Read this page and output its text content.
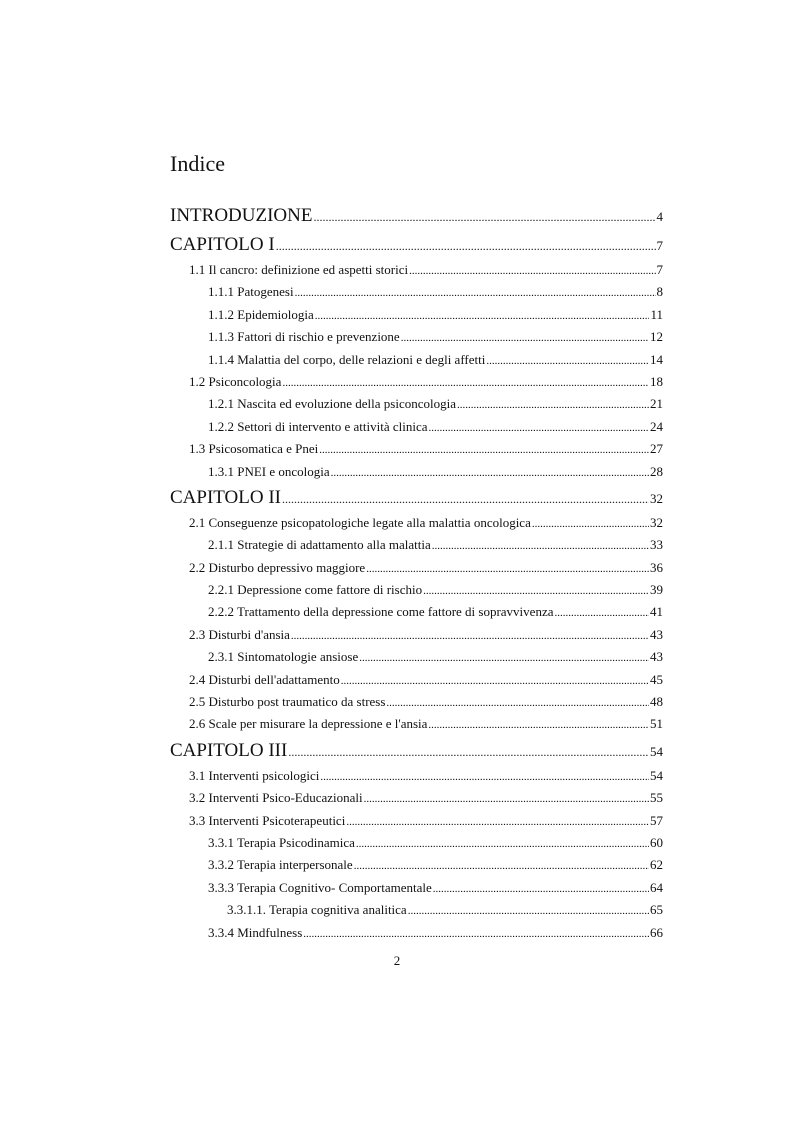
Indice
INTRODUZIONE .....	4
CAPITOLO I .....	7
1.1 Il cancro: definizione ed aspetti storici .....	7
1.1.1 Patogenesi .....	8
1.1.2 Epidemiologia .....	11
1.1.3 Fattori di rischio e prevenzione .....	12
1.1.4 Malattia del corpo, delle relazioni e degli affetti .....	14
1.2 Psiconcologia .....	18
1.2.1 Nascita ed evoluzione della psiconcologia .....	21
1.2.2 Settori di intervento e attività clinica .....	24
1.3 Psicosomatica e Pnei .....	27
1.3.1 PNEI e oncologia .....	28
CAPITOLO II .....	32
2.1 Conseguenze psicopatologiche legate alla malattia oncologica .....	32
2.1.1 Strategie di adattamento alla malattia .....	33
2.2 Disturbo depressivo maggiore .....	36
2.2.1 Depressione come fattore di rischio .....	39
2.2.2 Trattamento della depressione come fattore di sopravvivenza .....	41
2.3 Disturbi d'ansia .....	43
2.3.1 Sintomatologie ansiose .....	43
2.4 Disturbi dell'adattamento .....	45
2.5 Disturbo post traumatico da stress .....	48
2.6 Scale per misurare la depressione e l'ansia .....	51
CAPITOLO III .....	54
3.1 Interventi psicologici .....	54
3.2 Interventi Psico-Educazionali .....	55
3.3 Interventi Psicoterapeutici .....	57
3.3.1 Terapia Psicodinamica .....	60
3.3.2 Terapia interpersonale .....	62
3.3.3 Terapia Cognitivo- Comportamentale .....	64
3.3.1.1. Terapia cognitiva analitica .....	65
3.3.4 Mindfulness .....	66
2
